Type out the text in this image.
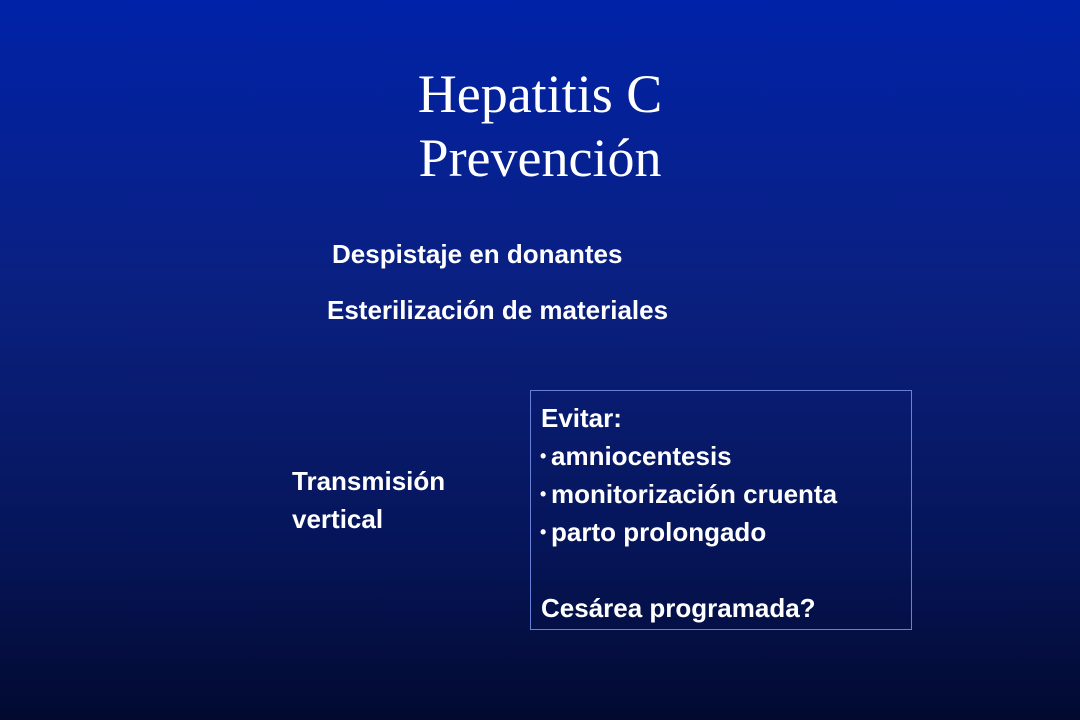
Hepatitis C
Prevención
Despistaje en donantes
Esterilización de materiales
Transmisión
vertical
Evitar:
• amniocentesis
• monitorización cruenta
• parto prolongado
Cesárea programada?
